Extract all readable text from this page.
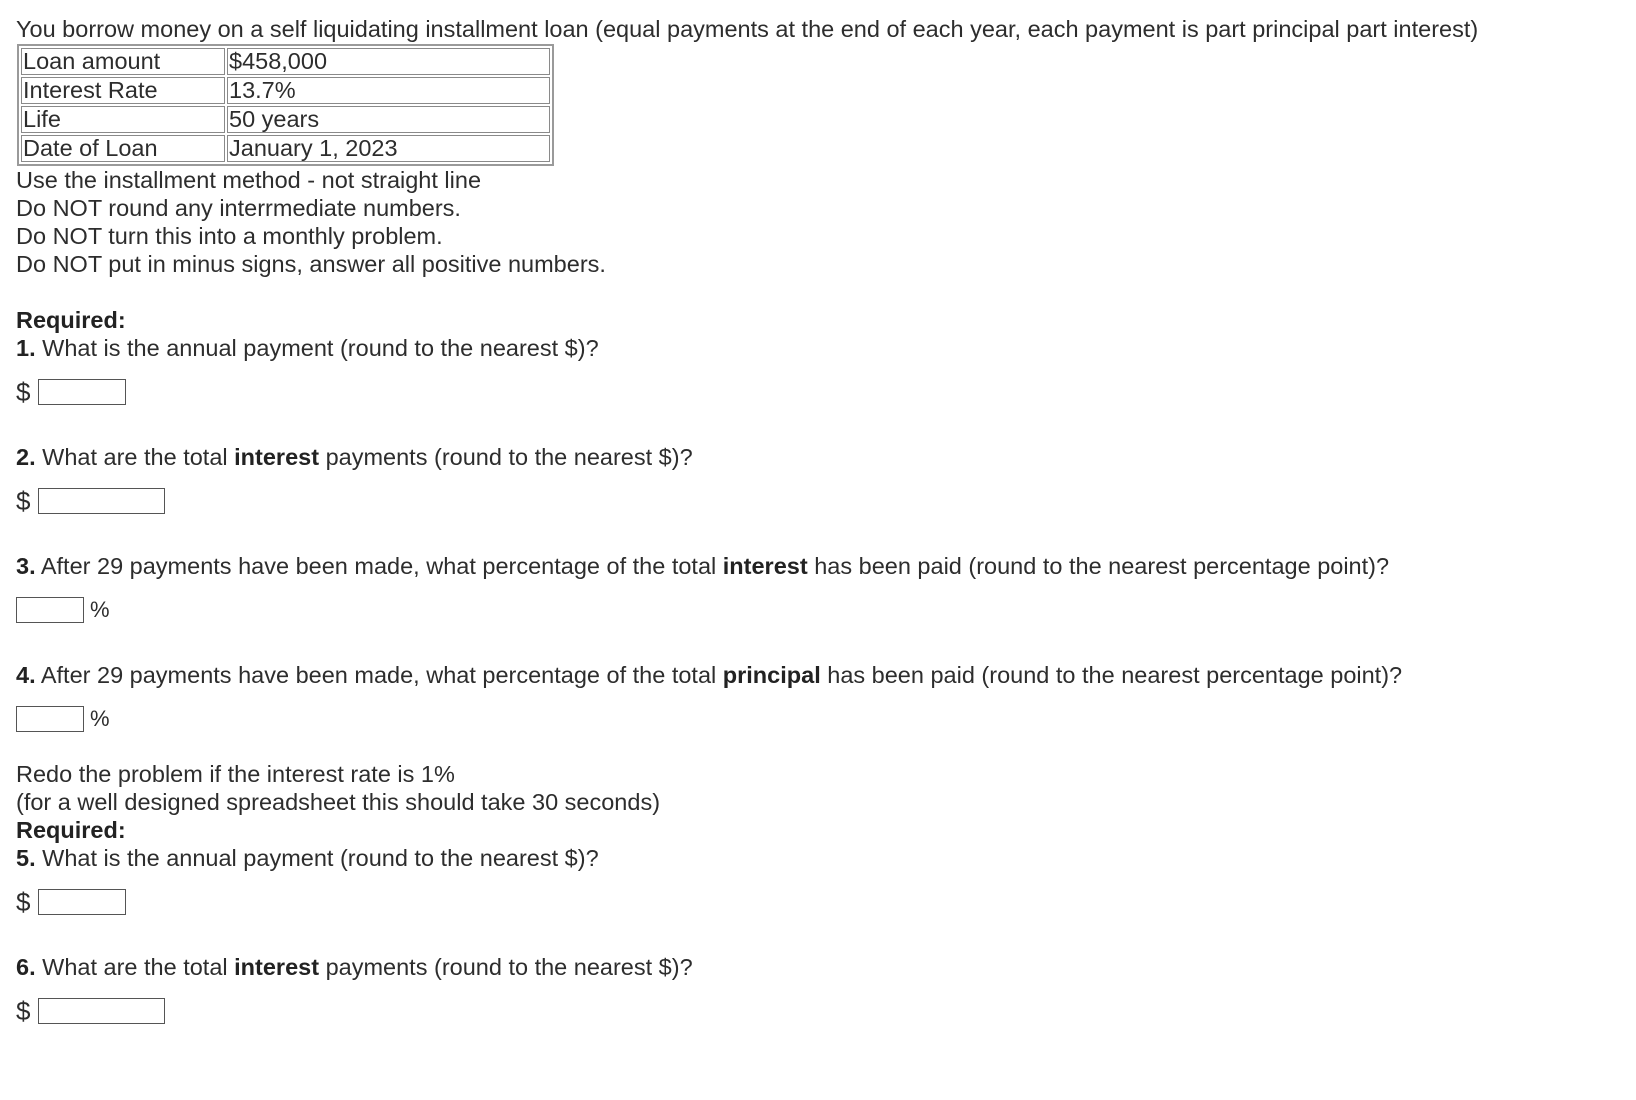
You borrow money on a self liquidating installment loan (equal payments at the end of each year, each payment is part principal part interest)
Loan amount	$458,000
Interest Rate	13.7%
Life	50 years
Date of Loan	January 1, 2023
Use the installment method - not straight line
Do NOT round any interrmediate numbers.
Do NOT turn this into a monthly problem.
Do NOT put in minus signs, answer all positive numbers.
Required:
1. What is the annual payment (round to the nearest $)?
$
2. What are the total interest payments (round to the nearest $)?
$
3. After 29 payments have been made, what percentage of the total interest has been paid (round to the nearest percentage point)?
%
4. After 29 payments have been made, what percentage of the total principal has been paid (round to the nearest percentage point)?
%
Redo the problem if the interest rate is 1%
(for a well designed spreadsheet this should take 30 seconds)
Required:
5. What is the annual payment (round to the nearest $)?
$
6. What are the total interest payments (round to the nearest $)?
$
